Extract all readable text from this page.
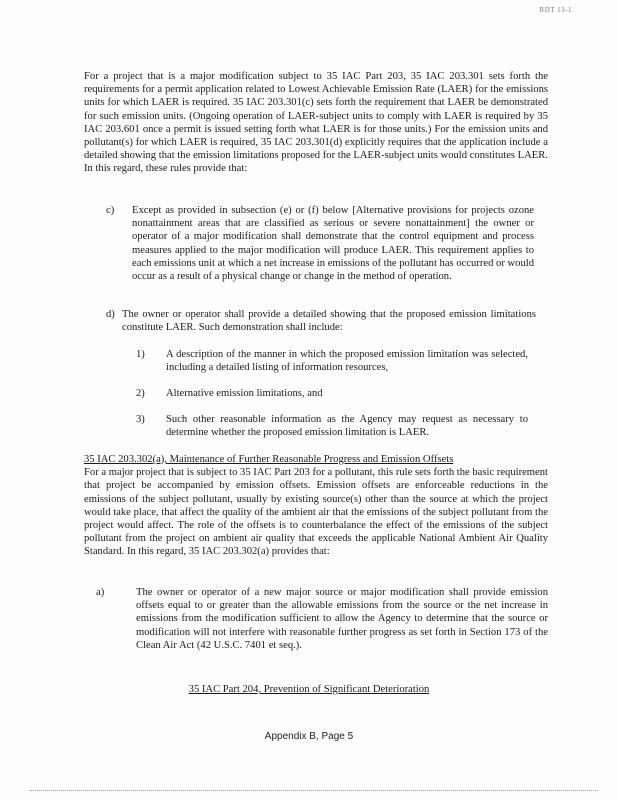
RDT 13-1
For a project that is a major modification subject to 35 IAC Part 203, 35 IAC 203.301 sets forth the requirements for a permit application related to Lowest Achievable Emission Rate (LAER) for the emissions units for which LAER is required. 35 IAC 203.301(c) sets forth the requirement that LAER be demonstrated for such emission units. (Ongoing operation of LAER-subject units to comply with LAER is required by 35 IAC 203.601 once a permit is issued setting forth what LAER is for those units.) For the emission units and pollutant(s) for which LAER is required, 35 IAC 203.301(d) explicitly requires that the application include a detailed showing that the emission limitations proposed for the LAER-subject units would constitutes LAER. In this regard, these rules provide that:
c)	Except as provided in subsection (e) or (f) below [Alternative provisions for projects ozone nonattainment areas that are classified as serious or severe nonattainment] the owner or operator of a major modification shall demonstrate that the control equipment and process measures applied to the major modification will produce LAER. This requirement applies to each emissions unit at which a net increase in emissions of the pollutant has occurred or would occur as a result of a physical change or change in the method of operation.
d) The owner or operator shall provide a detailed showing that the proposed emission limitations constitute LAER. Such demonstration shall include:
1)	A description of the manner in which the proposed emission limitation was selected, including a detailed listing of information resources,
2)	Alternative emission limitations, and
3)	Such other reasonable information as the Agency may request as necessary to determine whether the proposed emission limitation is LAER.
35 IAC 203.302(a), Maintenance of Further Reasonable Progress and Emission Offsets
For a major project that is subject to 35 IAC Part 203 for a pollutant, this rule sets forth the basic requirement that project be accompanied by emission offsets. Emission offsets are enforceable reductions in the emissions of the subject pollutant, usually by existing source(s) other than the source at which the project would take place, that affect the quality of the ambient air that the emissions of the subject pollutant from the project would affect. The role of the offsets is to counterbalance the effect of the emissions of the subject pollutant from the project on ambient air quality that exceeds the applicable National Ambient Air Quality Standard. In this regard, 35 IAC 203.302(a) provides that:
a)	The owner or operator of a new major source or major modification shall provide emission offsets equal to or greater than the allowable emissions from the source or the net increase in emissions from the modification sufficient to allow the Agency to determine that the source or modification will not interfere with reasonable further progress as set forth in Section 173 of the Clean Air Act (42 U.S.C. 7401 et seq.).
35 IAC Part 204, Prevention of Significant Deterioration
Appendix B, Page 5
